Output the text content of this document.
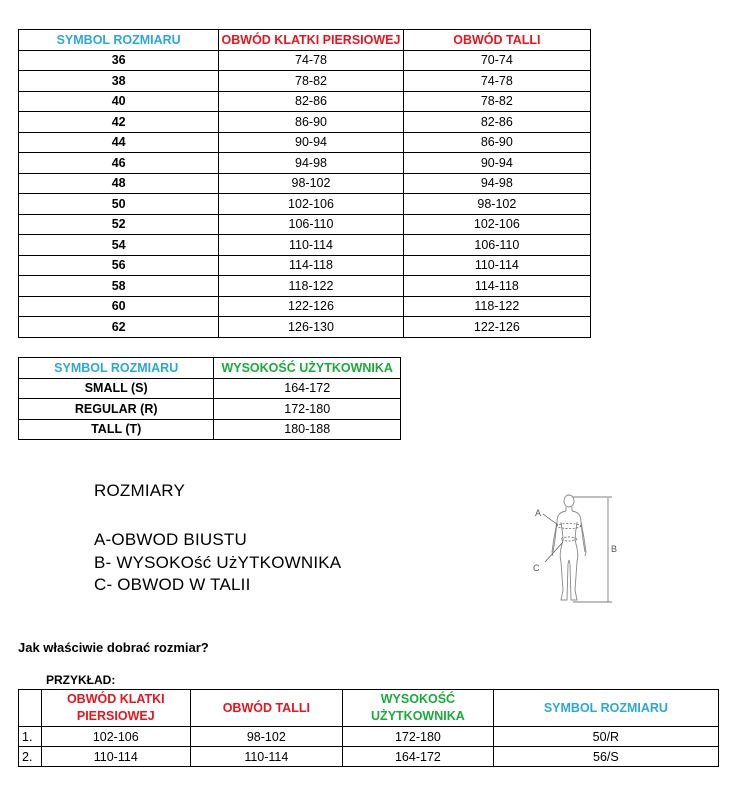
SYMBOL ROZMIARU	OBWÓD KLATKI PIERSIOWEJ	OBWÓD TALLI
36	74-78	70-74
38	78-82	74-78
40	82-86	78-82
42	86-90	82-86
44	90-94	86-90
46	94-98	90-94
48	98-102	94-98
50	102-106	98-102
52	106-110	102-106
54	110-114	106-110
56	114-118	110-114
58	118-122	114-118
60	122-126	118-122
62	126-130	122-126
SYMBOL ROZMIARU	WYSOKOŚĆ UŻYTKOWNIKA
SMALL (S)	164-172
REGULAR (R)	172-180
TALL (T)	180-188
ROZMIARY
A-OBWOD BIUSTU
B- WYSOKOść UżYTKOWNIKA
C- OBWOD W TALII
A
B
C
Jak właściwie dobrać rozmiar?
PRZYKŁAD:
	OBWÓD KLATKI PIERSIOWEJ	OBWÓD TALLI	WYSOKOŚĆ UŻYTKOWNIKA	SYMBOL ROZMIARU
1.	102-106	98-102	172-180	50/R
2.	110-114	110-114	164-172	56/S
